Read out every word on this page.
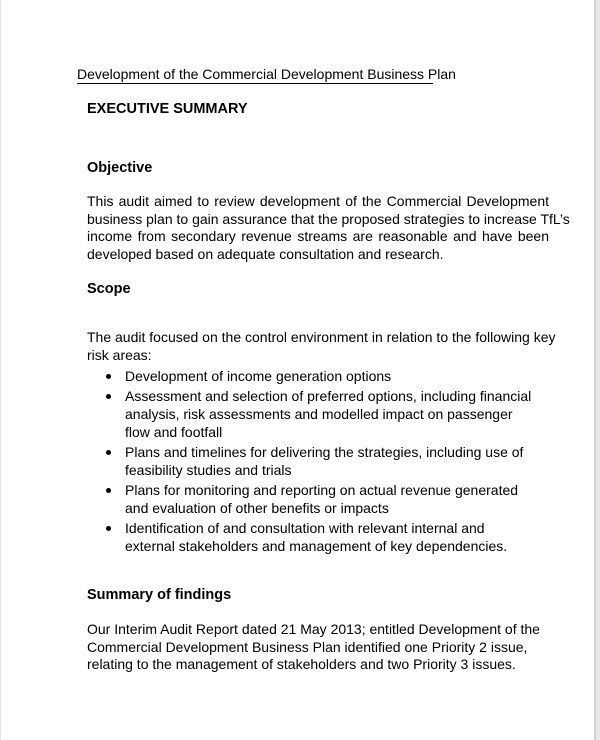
Development of the Commercial Development Business Plan
EXECUTIVE SUMMARY
Objective
This audit aimed to review development of the Commercial Development
business plan to gain assurance that the proposed strategies to increase TfL’s
income from secondary revenue streams are reasonable and have been
developed based on adequate consultation and research.
Scope
The audit focused on the control environment in relation to the following key risk areas:
Development of income generation options
Assessment and selection of preferred options, including financial analysis, risk assessments and modelled impact on passenger flow and footfall
Plans and timelines for delivering the strategies, including use of feasibility studies and trials
Plans for monitoring and reporting on actual revenue generated and evaluation of other benefits or impacts
Identification of and consultation with relevant internal and external stakeholders and management of key dependencies.
Summary of findings
Our Interim Audit Report dated 21 May 2013; entitled Development of the Commercial Development Business Plan identified one Priority 2 issue, relating to the management of stakeholders and two Priority 3 issues.
